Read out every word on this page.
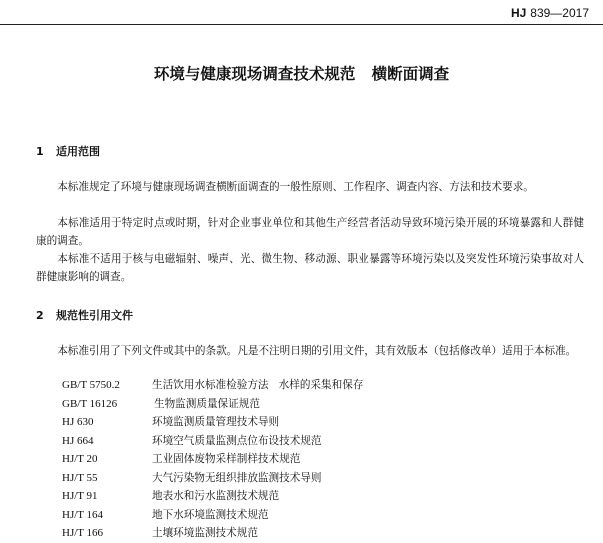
HJ 839—2017
环境与健康现场调查技术规范   横断面调查
1 适用范围

本标准规定了环境与健康现场调查横断面调查的一般性原则、工作程序、调查内容、方法和技术要求。

本标准适用于特定时点或时期，针对企业事业单位和其他生产经营者活动导致环境污染开展的环境暴露和人群健康的调查。

本标准不适用于核与电磁辐射、噪声、光、微生物、移动源、职业暴露等环境污染以及突发性环境污染事故对人群健康影响的调查。

2 规范性引用文件

本标准引用了下列文件或其中的条款。凡是不注明日期的引用文件，其有效版本（包括修改单）适用于本标准。

GB/T 5750.2	生活饮用水标准检验方法   水样的采集和保存
GB/T 16126	生物监测质量保证规范
HJ 630	环境监测质量管理技术导则
HJ 664	环境空气质量监测点位布设技术规范
HJ/T 20	工业固体废物采样制样技术规范
HJ/T 55	大气污染物无组织排放监测技术导则
HJ/T 91	地表水和污水监测技术规范
HJ/T 164	地下水环境监测技术规范
HJ/T 166	土壤环境监测技术规范
